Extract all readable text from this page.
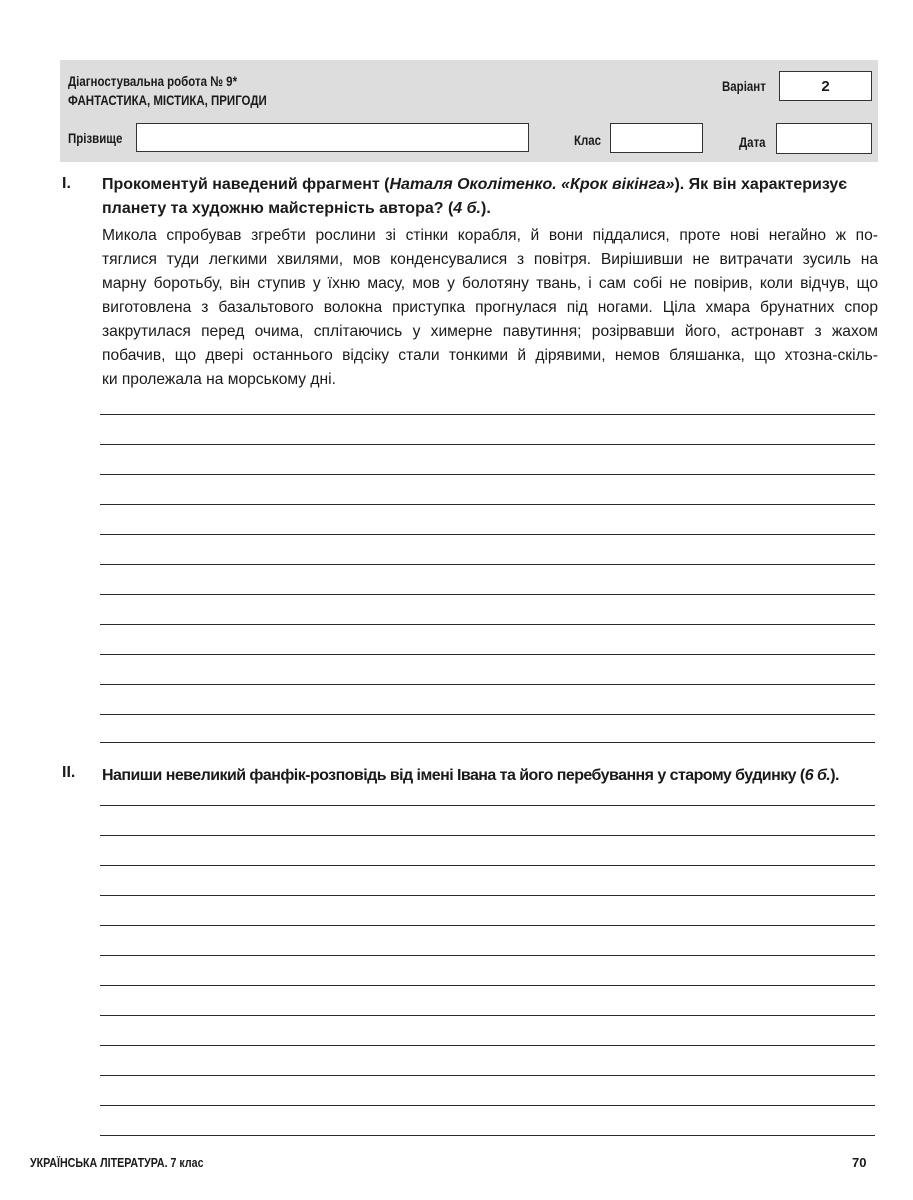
Діагностувальна робота № 9*
ФАНТАСТИКА, МІСТИКА, ПРИГОДИ
Варіант	2
Прізвище	Клас	Дата
I. Прокоментуй наведений фрагмент (Наталя Околітенко. «Крок вікінга»). Як він характеризує планету та художню майстерність автора? (4 б.).
Микола спробував згребти рослини зі стінки корабля, й вони піддалися, проте нові негайно ж по-
тяглися туди легкими хвилями, мов конденсувалися з повітря. Вирішивши не витрачати зусиль на
марну боротьбу, він ступив у їхню масу, мов у болотяну твань, і сам собі не повірив, коли відчув, що
виготовлена з базальтового волокна приступка прогнулася під ногами. Ціла хмара брунатних спор
закрутилася перед очима, сплітаючись у химерне павутиння; розірвавши його, астронавт з жахом
побачив, що двері останнього відсіку стали тонкими й дірявими, немов бляшанка, що хтозна-скіль-
ки пролежала на морському дні.
II. Напиши невеликий фанфік-розповідь від імені Івана та його перебування у старому будинку (6 б.).
УКРАЇНСЬКА ЛІТЕРАТУРА. 7 клас	70
